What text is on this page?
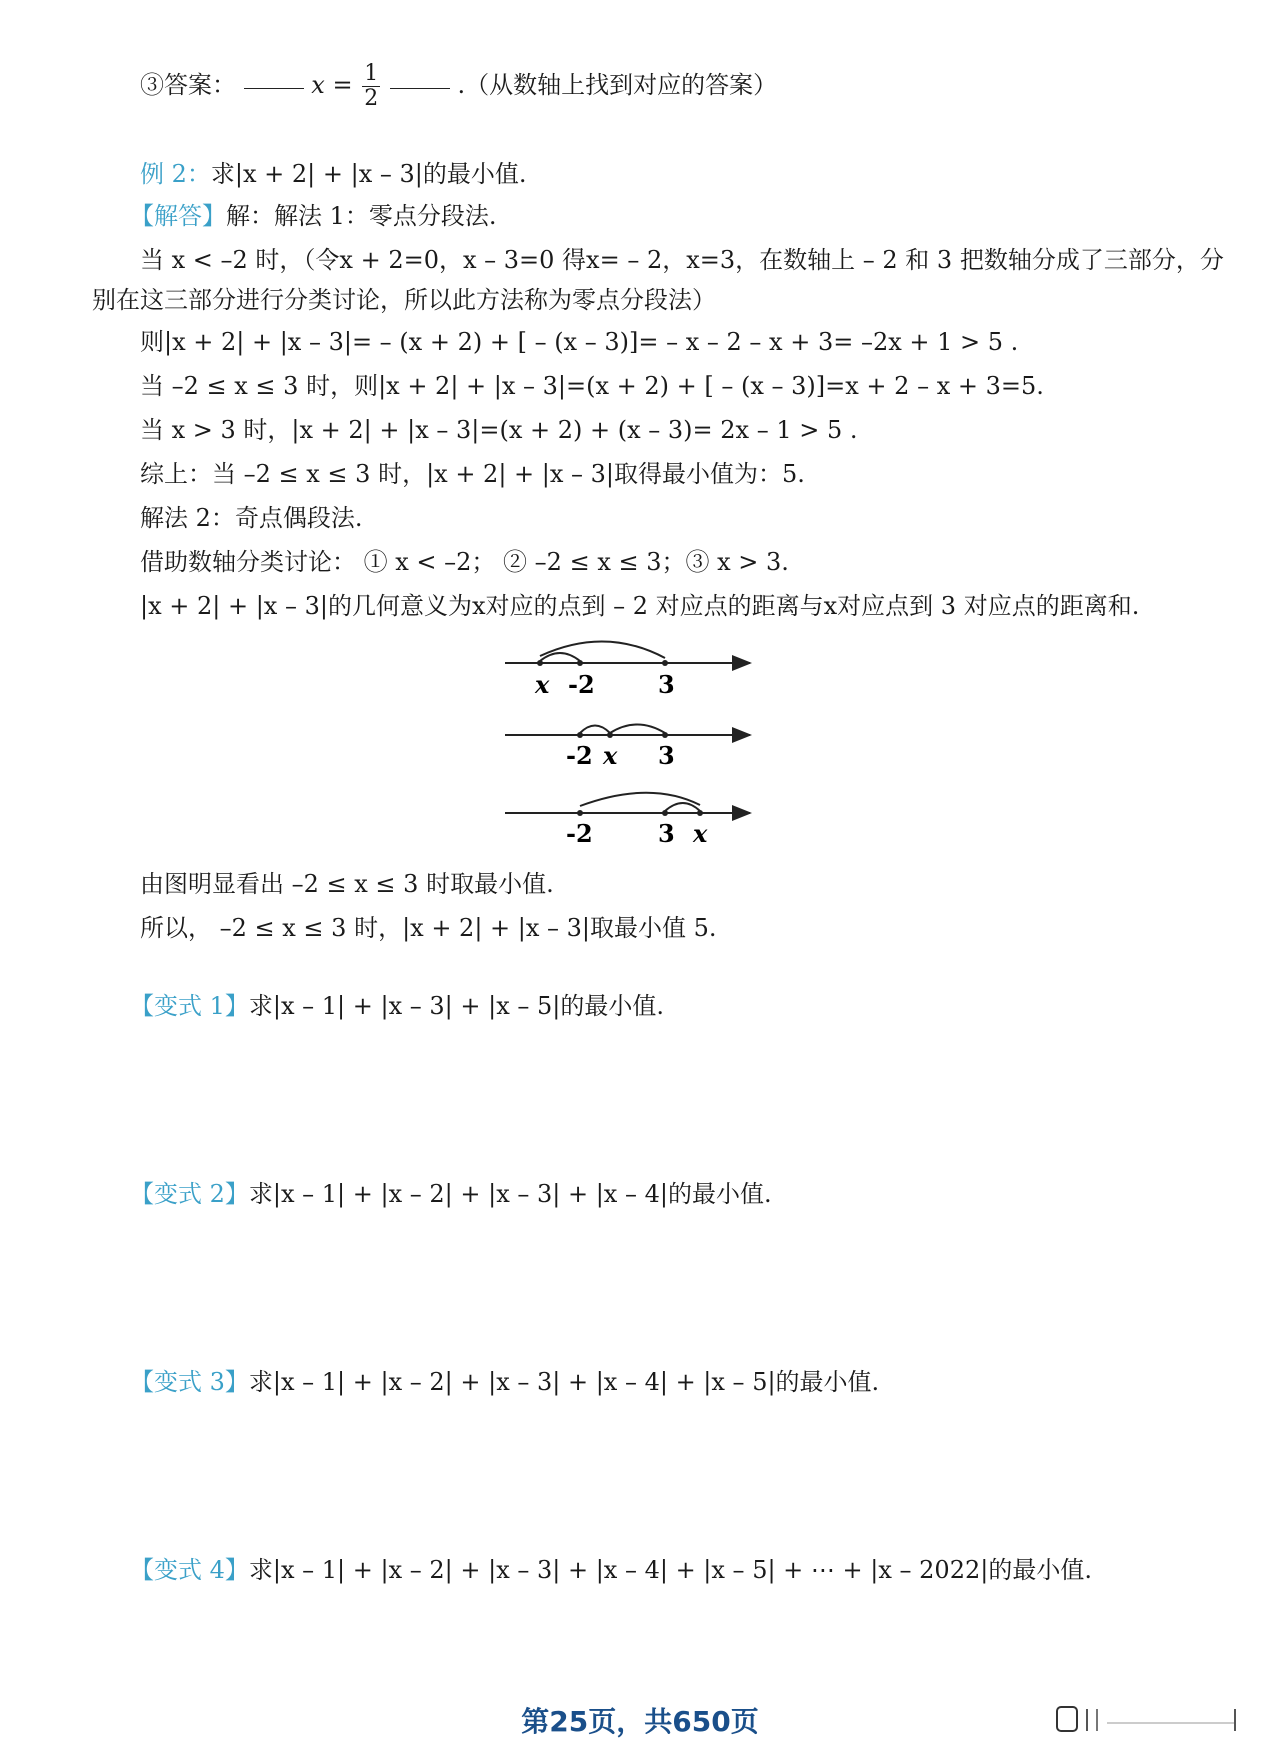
③答案：	$x = \frac{1}{2}$	.（从数轴上找到对应的答案）
例 2：求|x + 2| + |x – 3|的最小值.
【解答】解：解法 1：零点分段法.
当 x < –2 时，（令x + 2=0，x – 3=0 得x= – 2，x=3，在数轴上 – 2 和 3 把数轴分成了三部分，分
别在这三部分进行分类讨论，所以此方法称为零点分段法）
则|x + 2| + |x – 3|= – (x + 2) + [ – (x – 3)]= – x – 2 – x + 3= –2x + 1 > 5 .
当 –2 ≤ x ≤ 3 时，则|x + 2| + |x – 3|=(x + 2) + [ – (x – 3)]=x + 2 – x + 3=5.
当 x > 3 时，|x + 2| + |x – 3|=(x + 2) + (x – 3)= 2x – 1 > 5 .
综上：当 –2 ≤ x ≤ 3 时，|x + 2| + |x – 3|取得最小值为：5.
解法 2：奇点偶段法.
借助数轴分类讨论： ① x < –2； ② –2 ≤ x ≤ 3；③ x > 3.
|x + 2| + |x – 3|的几何意义为x对应的点到 – 2 对应点的距离与x对应点到 3 对应点的距离和.
x -2	3
-2 x 3
-2	3 x
由图明显看出 –2 ≤ x ≤ 3 时取最小值.
所以， –2 ≤ x ≤ 3 时，|x + 2| + |x – 3|取最小值 5.
【变式 1】求|x – 1| + |x – 3| + |x – 5|的最小值.
【变式 2】求|x – 1| + |x – 2| + |x – 3| + |x – 4|的最小值.
【变式 3】求|x – 1| + |x – 2| + |x – 3| + |x – 4| + |x – 5|的最小值.
【变式 4】求|x – 1| + |x – 2| + |x – 3| + |x – 4| + |x – 5| + ⋯ + |x – 2022|的最小值.
第25页，共650页
